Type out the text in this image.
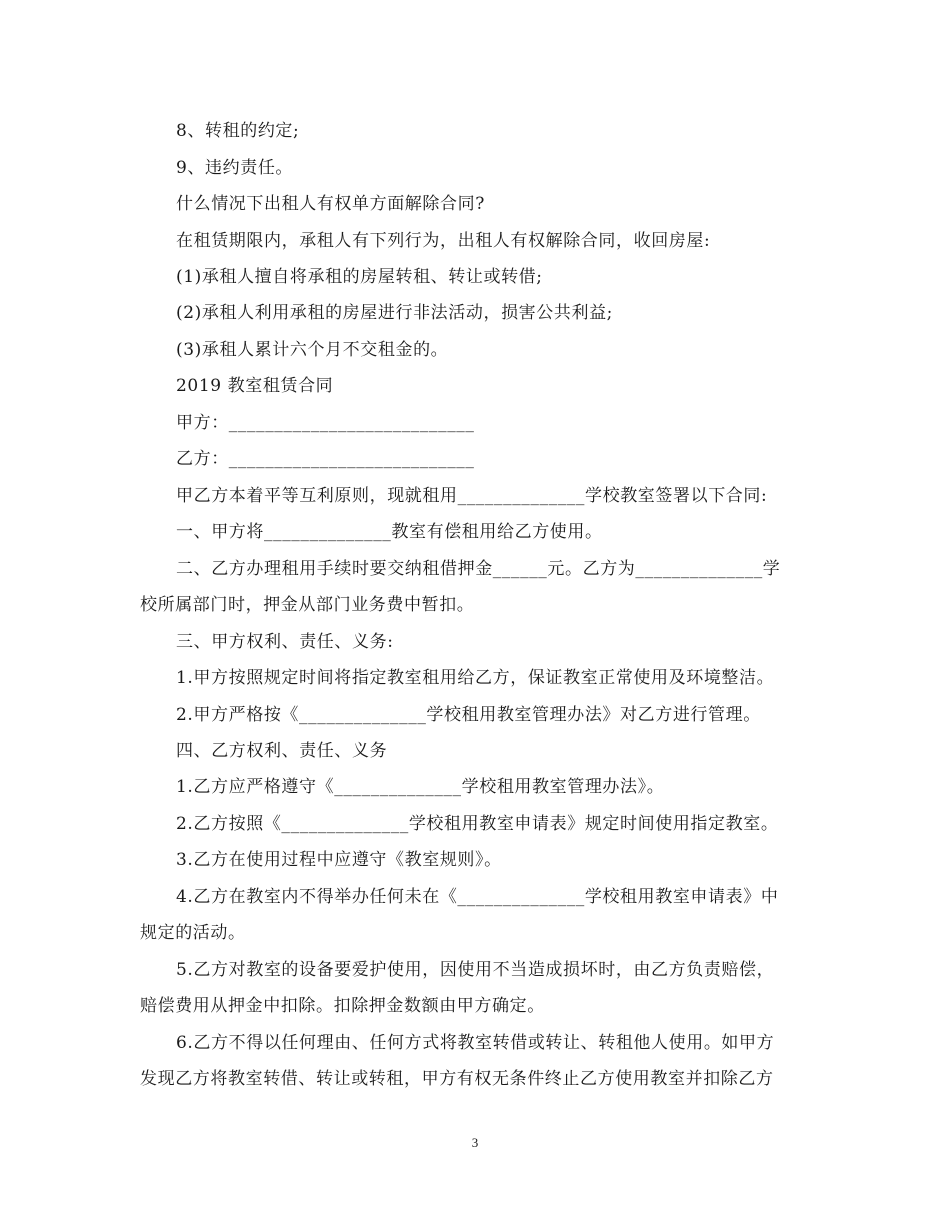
8、转租的约定;
9、违约责任。
什么情况下出租人有权单方面解除合同?
在租赁期限内，承租人有下列行为，出租人有权解除合同，收回房屋:
(1)承租人擅自将承租的房屋转租、转让或转借;
(2)承租人利用承租的房屋进行非法活动，损害公共利益;
(3)承租人累计六个月不交租金的。
2019 教室租赁合同
甲方：___________________________
乙方：___________________________
甲乙方本着平等互利原则，现就租用______________学校教室签署以下合同:
一、甲方将______________教室有偿租用给乙方使用。
二、乙方办理租用手续时要交纳租借押金______元。乙方为______________学
校所属部门时，押金从部门业务费中暂扣。
三、甲方权利、责任、义务:
1.甲方按照规定时间将指定教室租用给乙方，保证教室正常使用及环境整洁。
2.甲方严格按《______________学校租用教室管理办法》对乙方进行管理。
四、乙方权利、责任、义务
1.乙方应严格遵守《______________学校租用教室管理办法》。
2.乙方按照《______________学校租用教室申请表》规定时间使用指定教室。
3.乙方在使用过程中应遵守《教室规则》。
4.乙方在教室内不得举办任何未在《______________学校租用教室申请表》中
规定的活动。
5.乙方对教室的设备要爱护使用，因使用不当造成损坏时，由乙方负责赔偿，
赔偿费用从押金中扣除。扣除押金数额由甲方确定。
6.乙方不得以任何理由、任何方式将教室转借或转让、转租他人使用。如甲方
发现乙方将教室转借、转让或转租，甲方有权无条件终止乙方使用教室并扣除乙方
3
